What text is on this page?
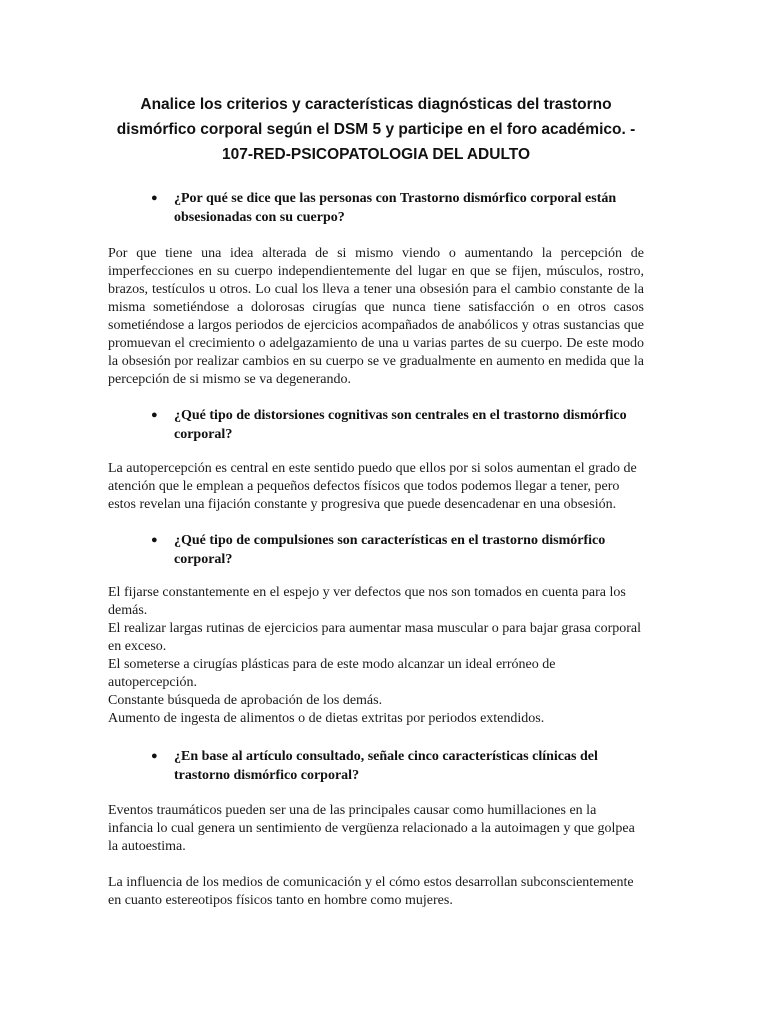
Analice los criterios y características diagnósticas del trastorno dismórfico corporal según el DSM 5 y participe en el foro académico. - 107-RED-PSICOPATOLOGIA DEL ADULTO

● ¿Por qué se dice que las personas con Trastorno dismórfico corporal están obsesionadas con su cuerpo?

Por que tiene una idea alterada de si mismo viendo o aumentando la percepción de imperfecciones en su cuerpo independientemente del lugar en que se fijen, músculos, rostro, brazos, testículos u otros. Lo cual los lleva a tener una obsesión para el cambio constante de la misma sometiéndose a dolorosas cirugías que nunca tiene satisfacción o en otros casos sometiéndose a largos periodos de ejercicios acompañados de anabólicos y otras sustancias que promuevan el crecimiento o adelgazamiento de una u varias partes de su cuerpo. De este modo la obsesión por realizar cambios en su cuerpo se ve gradualmente en aumento en medida que la percepción de si mismo se va degenerando.

● ¿Qué tipo de distorsiones cognitivas son centrales en el trastorno dismórfico corporal?

La autopercepción es central en este sentido puedo que ellos por si solos aumentan el grado de atención que le emplean a pequeños defectos físicos que todos podemos llegar a tener, pero estos revelan una fijación constante y progresiva que puede desencadenar en una obsesión.

● ¿Qué tipo de compulsiones son características en el trastorno dismórfico corporal?

El fijarse constantemente en el espejo y ver defectos que nos son tomados en cuenta para los demás.
El realizar largas rutinas de ejercicios para aumentar masa muscular o para bajar grasa corporal en exceso.
El someterse a cirugías plásticas para de este modo alcanzar un ideal erróneo de autopercepción.
Constante búsqueda de aprobación de los demás.
Aumento de ingesta de alimentos o de dietas extritas por periodos extendidos.

● ¿En base al artículo consultado, señale cinco características clínicas del trastorno dismórfico corporal?

Eventos traumáticos pueden ser una de las principales causar como humillaciones en la infancia lo cual genera un sentimiento de vergüenza relacionado a la autoimagen y que golpea la autoestima.

La influencia de los medios de comunicación y el cómo estos desarrollan subconscientemente en cuanto estereotipos físicos tanto en hombre como mujeres.
